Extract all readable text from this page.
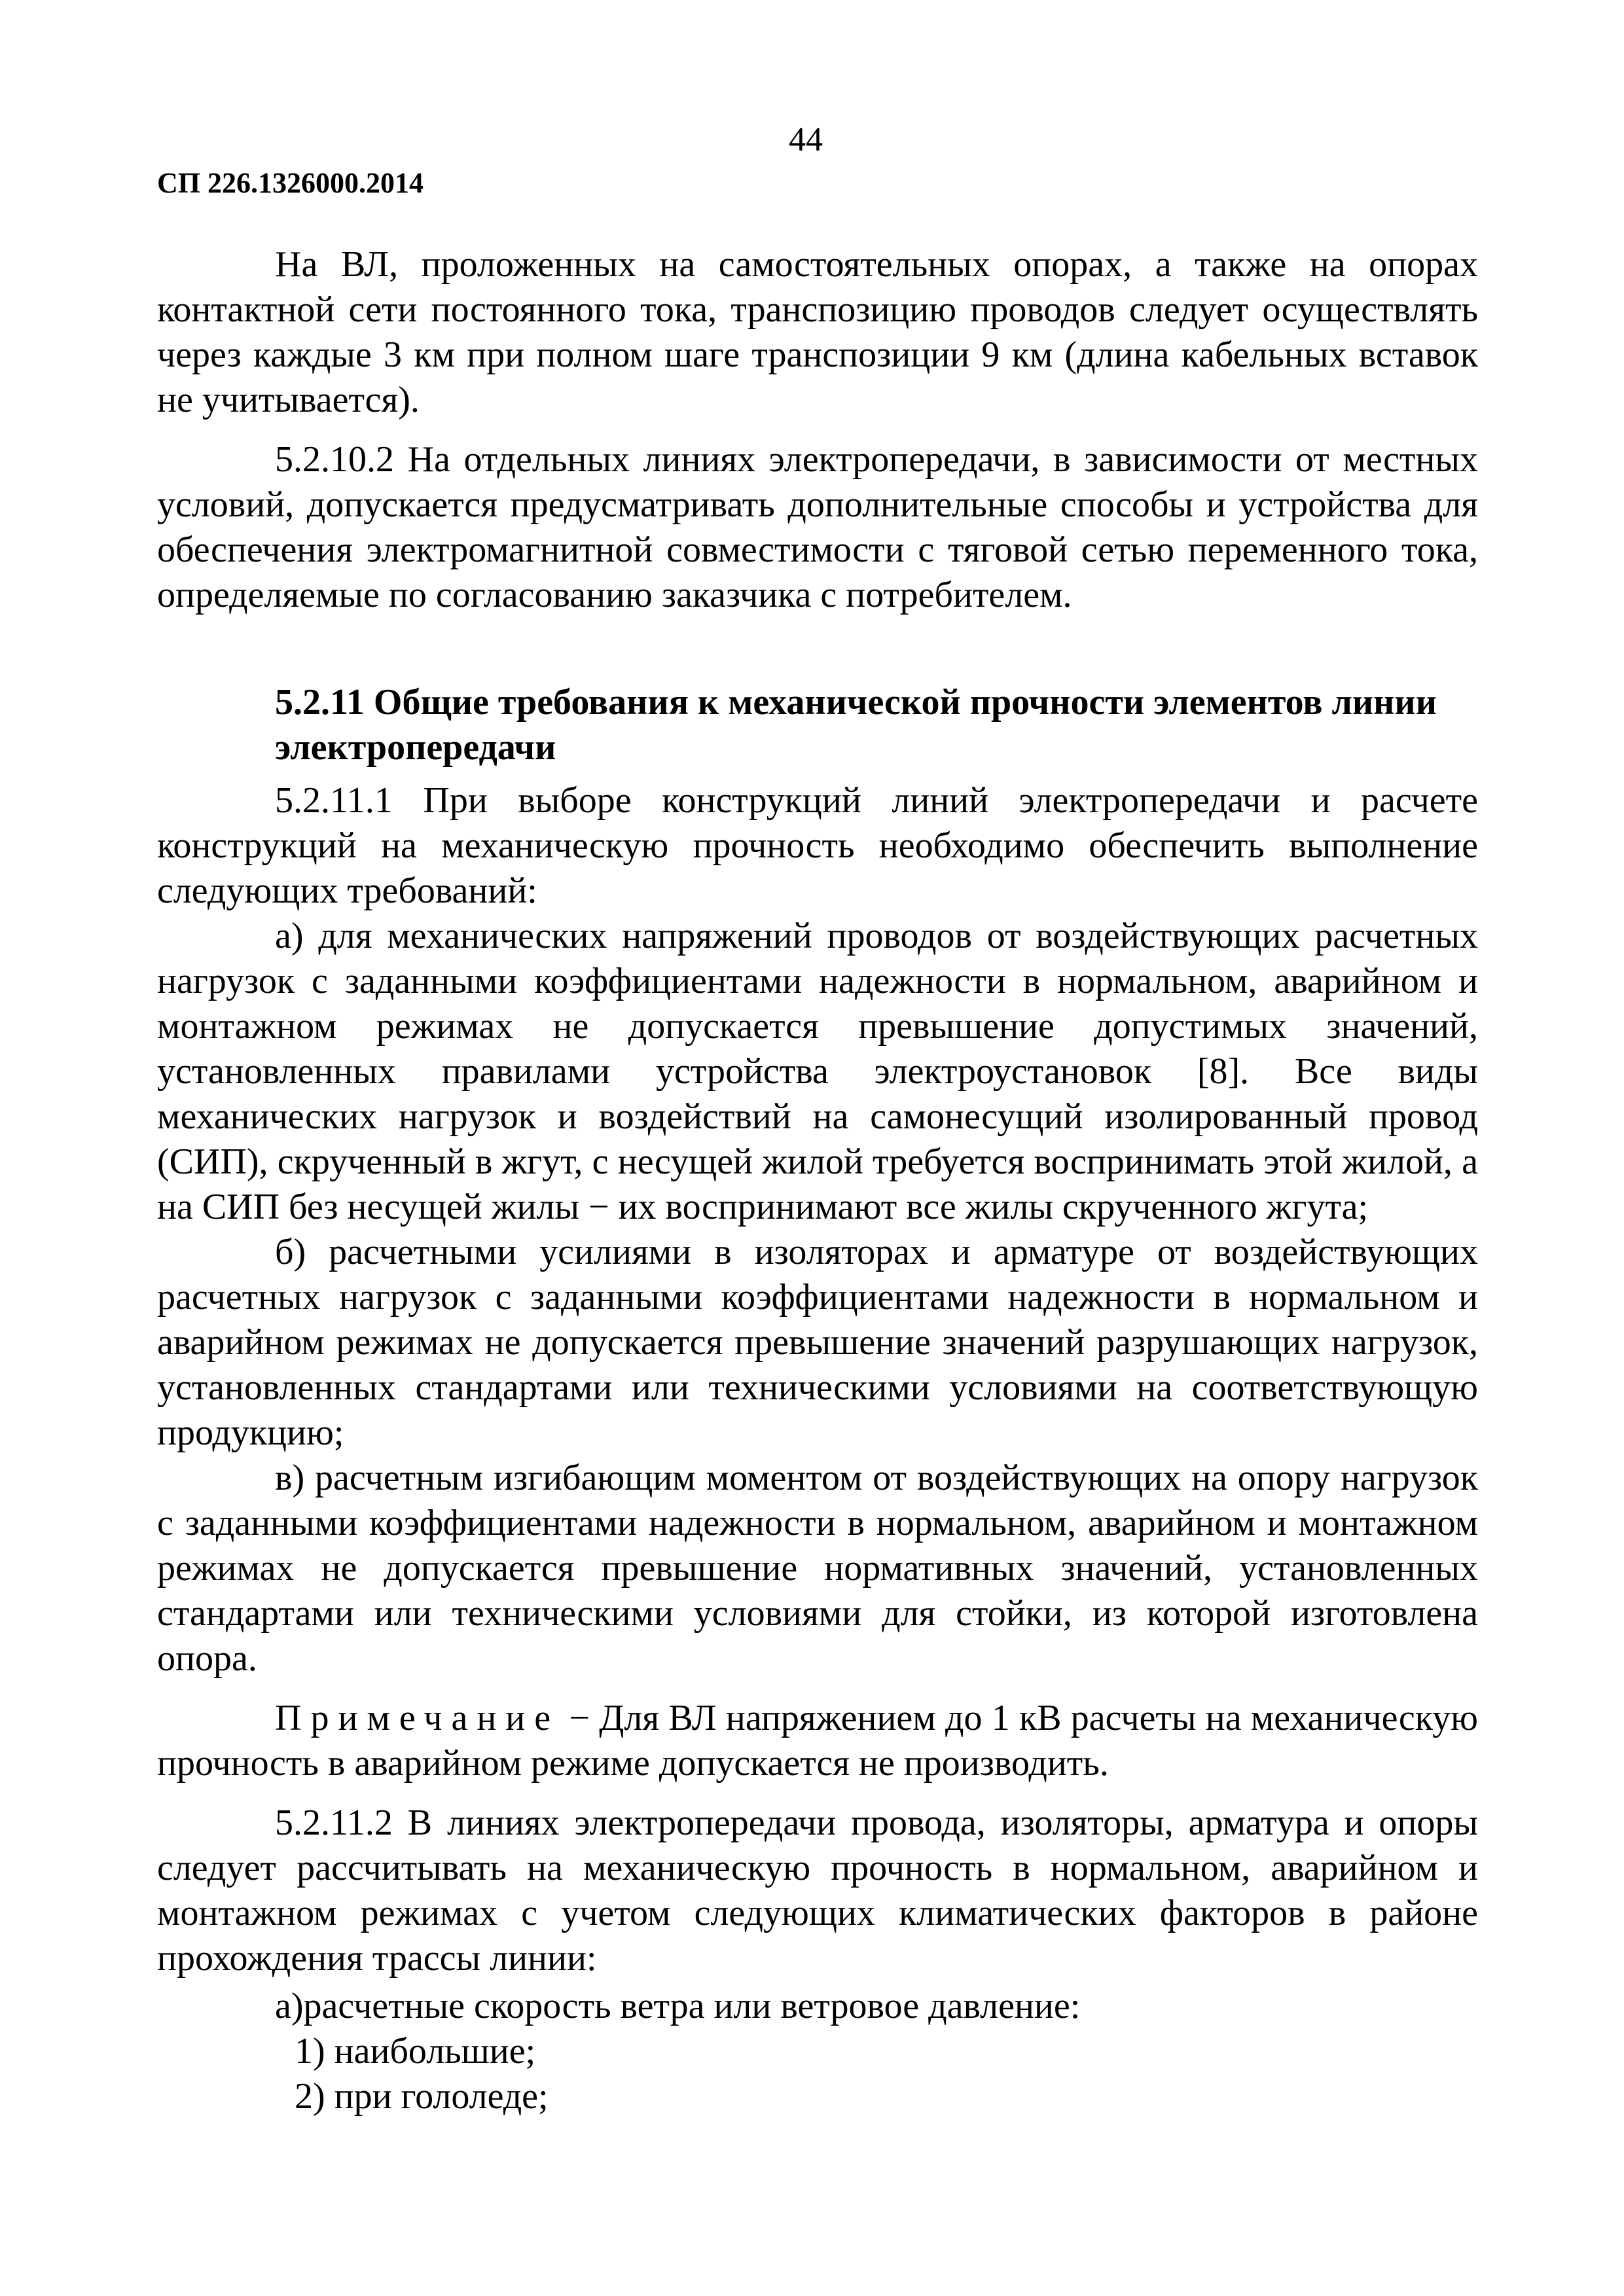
44
СП 226.1326000.2014

На ВЛ, проложенных на самостоятельных опорах, а также на опорах контактной сети постоянного тока, транспозицию проводов следует осуществлять через каждые 3 км при полном шаге транспозиции 9 км (длина кабельных вставок не учитывается).

5.2.10.2 На отдельных линиях электропередачи, в зависимости от местных условий, допускается предусматривать дополнительные способы и устройства для обеспечения электромагнитной совместимости с тяговой сетью переменного тока, определяемые по согласованию заказчика с потребителем.

5.2.11 Общие требования к механической прочности элементов линии электропередачи

5.2.11.1 При выборе конструкций линий электропередачи и расчете конструкций на механическую прочность необходимо обеспечить выполнение следующих требований:

а) для механических напряжений проводов от воздействующих расчетных нагрузок с заданными коэффициентами надежности в нормальном, аварийном и монтажном режимах не допускается превышение допустимых значений, установленных правилами устройства электроустановок [8]. Все виды механических нагрузок и воздействий на самонесущий изолированный провод (СИП), скрученный в жгут, с несущей жилой требуется воспринимать этой жилой, а на СИП без несущей жилы − их воспринимают все жилы скрученного жгута;

б) расчетными усилиями в изоляторах и арматуре от воздействующих расчетных нагрузок с заданными коэффициентами надежности в нормальном и аварийном режимах не допускается превышение значений разрушающих нагрузок, установленных стандартами или техническими условиями на соответствующую продукцию;

в) расчетным изгибающим моментом от воздействующих на опору нагрузок с заданными коэффициентами надежности в нормальном, аварийном и монтажном режимах не допускается превышение нормативных значений, установленных стандартами или техническими условиями для стойки, из которой изготовлена опора.

Примечание − Для ВЛ напряжением до 1 кВ расчеты на механическую прочность в аварийном режиме допускается не производить.

5.2.11.2 В линиях электропередачи провода, изоляторы, арматура и опоры следует рассчитывать на механическую прочность в нормальном, аварийном и монтажном режимах с учетом следующих климатических факторов в районе прохождения трассы линии:

а)расчетные скорость ветра или ветровое давление:

1) наибольшие;

2) при гололеде;
